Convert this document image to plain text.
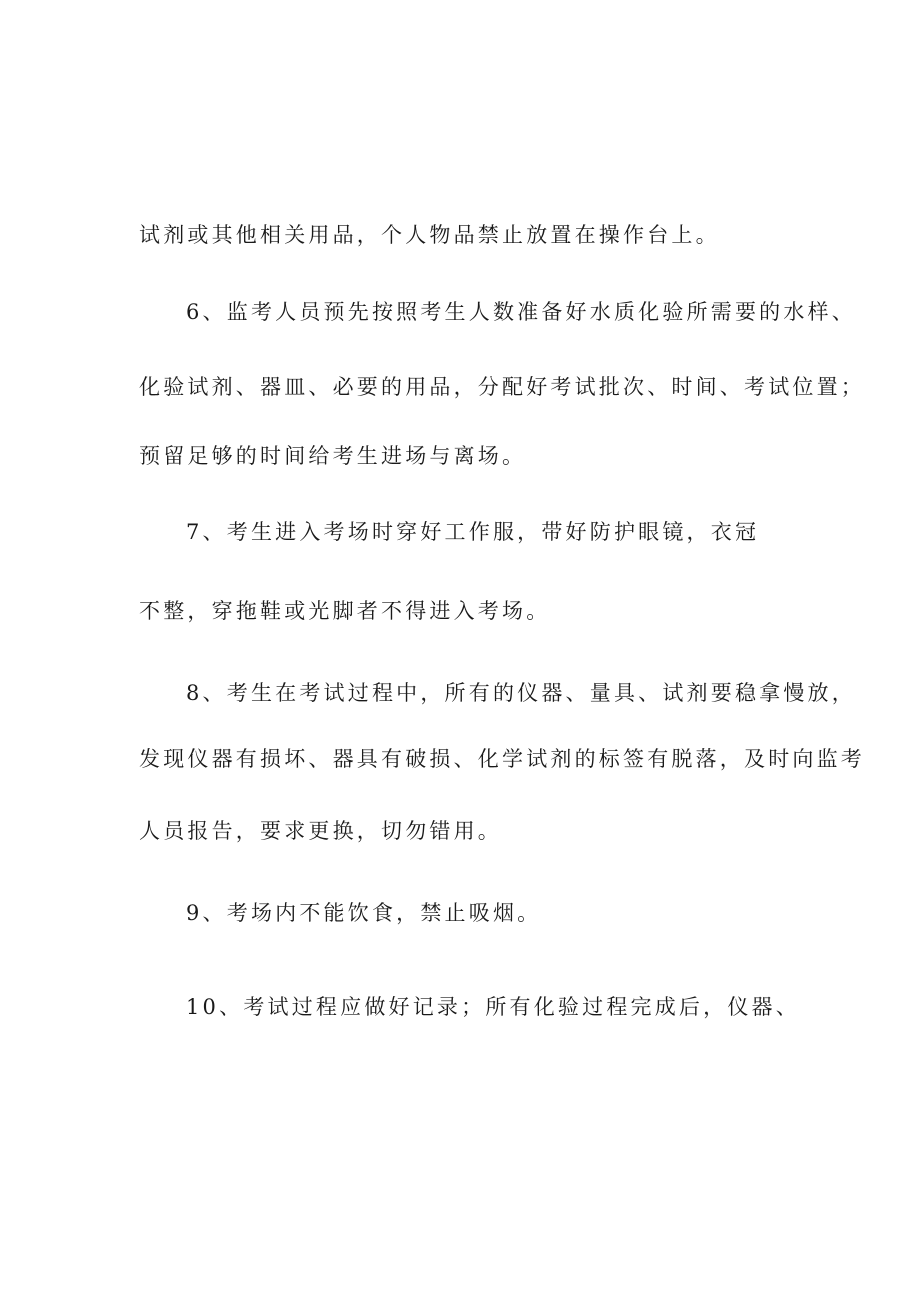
试剂或其他相关用品，个人物品禁止放置在操作台上。
6、监考人员预先按照考生人数准备好水质化验所需要的水样、
化验试剂、器皿、必要的用品，分配好考试批次、时间、考试位置；
预留足够的时间给考生进场与离场。
7、考生进入考场时穿好工作服，带好防护眼镜，衣冠
不整，穿拖鞋或光脚者不得进入考场。
8、考生在考试过程中，所有的仪器、量具、试剂要稳拿慢放，
发现仪器有损坏、器具有破损、化学试剂的标签有脱落，及时向监考
人员报告，要求更换，切勿错用。
9、考场内不能饮食，禁止吸烟。
10、考试过程应做好记录；所有化验过程完成后，仪器、
